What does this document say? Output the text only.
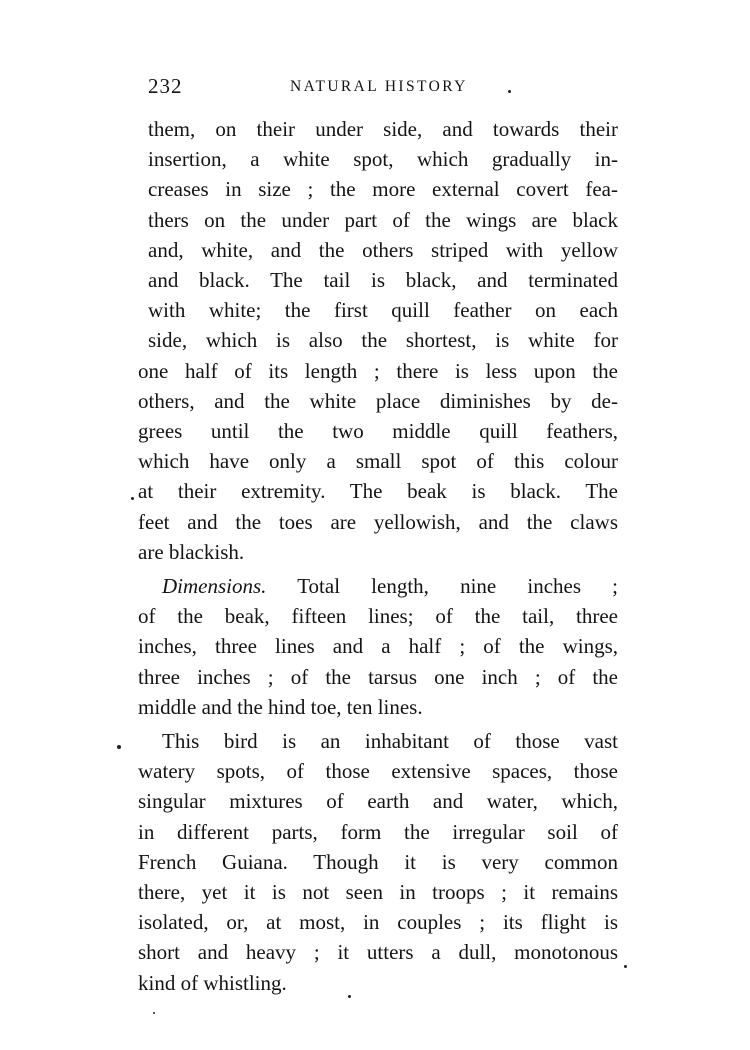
232	NATURAL HISTORY
them, on their under side, and towards their
insertion, a white spot, which gradually in-
creases in size ; the more external covert fea-
thers on the under part of the wings are black
and, white, and the others striped with yellow
and black. The tail is black, and terminated
with white; the first quill feather on each
side, which is also the shortest, is white for
one half of its length ; there is less upon the
others, and the white place diminishes by de-
grees until the two middle quill feathers,
which have only a small spot of this colour
at their extremity. The beak is black. The
feet and the toes are yellowish, and the claws
are blackish.
Dimensions. Total length, nine inches ;
of the beak, fifteen lines; of the tail, three
inches, three lines and a half ; of the wings,
three inches ; of the tarsus one inch ; of the
middle and the hind toe, ten lines.
This bird is an inhabitant of those vast
watery spots, of those extensive spaces, those
singular mixtures of earth and water, which,
in different parts, form the irregular soil of
French Guiana. Though it is very common
there, yet it is not seen in troops ; it remains
isolated, or, at most, in couples ; its flight is
short and heavy ; it utters a dull, monotonous
kind of whistling.
